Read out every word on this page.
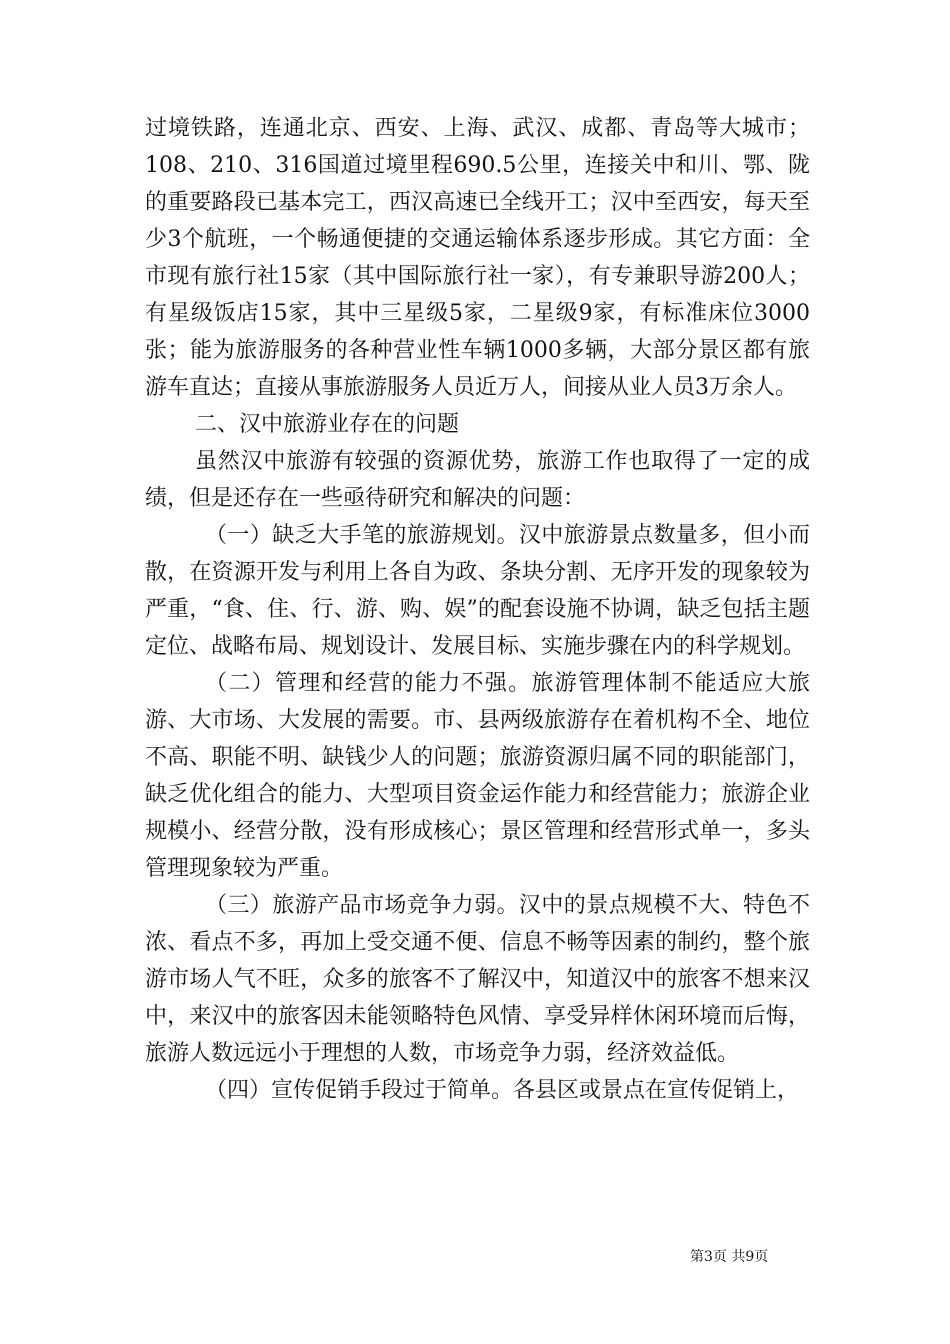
过境铁路，连通北京、西安、上海、武汉、成都、青岛等大城市；108、210、316国道过境里程690.5公里，连接关中和川、鄂、陇的重要路段已基本完工，西汉高速已全线开工；汉中至西安，每天至少3个航班，一个畅通便捷的交通运输体系逐步形成。其它方面：全市现有旅行社15家（其中国际旅行社一家），有专兼职导游200人；有星级饭店15家，其中三星级5家，二星级9家，有标准床位3000张；能为旅游服务的各种营业性车辆1000多辆，大部分景区都有旅游车直达；直接从事旅游服务人员近万人，间接从业人员3万余人。

二、汉中旅游业存在的问题

虽然汉中旅游有较强的资源优势，旅游工作也取得了一定的成绩，但是还存在一些亟待研究和解决的问题：

（一）缺乏大手笔的旅游规划。汉中旅游景点数量多，但小而散，在资源开发与利用上各自为政、条块分割、无序开发的现象较为严重，“食、住、行、游、购、娱”的配套设施不协调，缺乏包括主题定位、战略布局、规划设计、发展目标、实施步骤在内的科学规划。

（二）管理和经营的能力不强。旅游管理体制不能适应大旅游、大市场、大发展的需要。市、县两级旅游存在着机构不全、地位不高、职能不明、缺钱少人的问题；旅游资源归属不同的职能部门，缺乏优化组合的能力、大型项目资金运作能力和经营能力；旅游企业规模小、经营分散，没有形成核心；景区管理和经营形式单一，多头管理现象较为严重。

（三）旅游产品市场竞争力弱。汉中的景点规模不大、特色不浓、看点不多，再加上受交通不便、信息不畅等因素的制约，整个旅游市场人气不旺，众多的旅客不了解汉中，知道汉中的旅客不想来汉中，来汉中的旅客因未能领略特色风情、享受异样休闲环境而后悔，旅游人数远远小于理想的人数，市场竞争力弱，经济效益低。

（四）宣传促销手段过于简单。各县区或景点在宣传促销上，

第3页 共9页
